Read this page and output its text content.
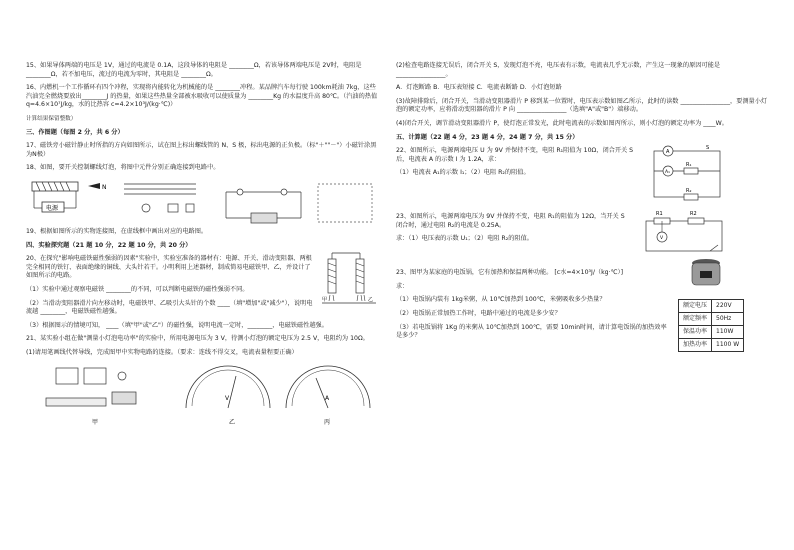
15、如果导体两端的电压是 1V，通过的电流是 0.1A，这段导体的电阻是 ________Ω，若该导体两端电压是 2V时，电阻是________Ω，若不加电压，流过的电流为零时，其电阻是 ________Ω。

16、内燃机一个工作循环有四个冲程，实现将内能转化为机械能的是 ________冲程。某品牌汽车每行驶 100km耗油 7kg，这些汽油完全燃烧要放出________J 的热量，如果这些热量全部被水吸收可以使质量为 ________Kg 的水温度升高 80℃。（汽油的热值 q=4.6×10⁷J/kg，水的比热容 c=4.2×10³J/(kg·℃)）

计算结果保留整数）

三、作图题（每图 2 分，共 6 分）

17、磁铁旁小磁针静止时所指的方向如图所示，试在图上标出螺线管的 N、S 极，标出电源的正负极。（标"＋""－"）小磁针涂黑为N极）

18、如图，要开关控制螺线灯泡，将图中元件分别正确连接到电路中。

电源
N

19、根据如图所示的实物连接图，在虚线框中画出对应的电路图。

四、实验探究题（21 题 10 分，22 题 10 分，共 20 分）

20、在探究"影响电磁铁磁性强弱的因素"实验中，实验室准备的器材有：电源、开关、滑动变阻器、两根完全相同的铁钉、表面绝缘的铜线、大头针若干。小明利用上述器材，制成简易电磁铁甲、乙，并设计了如图所示的电路。

（1）实验中通过观察电磁铁 ________的不同，可以判断电磁铁的磁性强弱不同。

（2）当滑动变阻器滑片向左移动时，电磁铁甲、乙吸引大头针的个数 ____（填"增加"或"减少"），说明电流越 ________，电磁铁磁性越强。

甲	乙

（3）根据图示的情境可知， ____（填"甲"或"乙"）的磁性强，说明电流一定时，________，电磁铁磁性越强。

21、某实验小组在做"测量小灯泡电功率"的实验中，所用电源电压为 3 V，待测小灯泡的额定电压为 2.5 V，电阻约为 10Ω。

(1)请用笔画线代替导线，完成图甲中实物电路的连接。（要求：连线不得交叉，电流表量程要正确）

甲
V
乙
A
丙

(2)检查电路连接无误后，闭合开关 S，发现灯泡不亮，电压表有示数，电流表几乎无示数，产生这一现象的原因可能是 ________________。

A．灯泡断路 B．电压表短接 C．电流表断路 D．小灯泡短路

(3)故障排除后，闭合开关，当滑动变阻器滑片 P 移到某一位置时，电压表示数如图乙所示，此时的读数 ________________，要测量小灯泡的额定功率，应将滑动变阻器的滑片 P 向 ________________（选填"A"或"B"）端移动。

(4)闭合开关，调节滑动变阻器滑片 P，使灯泡正常发光，此时电流表的示数如图丙所示，则小灯泡的额定功率为 ____W。

五、计算题（22 题 4 分，23 题 4 分，24 题 7 分，共 15 分）

22、如图所示，电源两端电压 U 为 9V 并保持不变，电阻 R₁阻值为 10Ω，闭合开关 S 后，电流表 A 的示数 I 为 1.2A，求：

（1）电流表 A₁的示数 I₁；（2）电阻 R₂的阻值。

A
A₁
S
R₁
R₂

23、如图所示，电源两端电压为 9V 并保持不变，电阻 R₁的阻值为 12Ω，当开关 S 闭合时，通过电阻 R₂的电流是 0.25A。

求：（1）电压表的示数 U₁；（2）电阻 R₂的阻值。

R1	R2
V

23、图甲为某家庭的电饭锅，它有加热和保温两种功能。 [c水=4×10³J/（kg·℃）]

求：

（1）电饭锅内装有 1kg米粥，从 10℃加热到 100℃，米粥吸收多少热量？

（2）电饭锅正常加热工作时，电路中通过的电流是多少安？

（3）若电饭锅将 1Kg 的米粥从 10℃加热到 100℃，需要 10min时间，请计算电饭锅的加热效率是多少？

额定电压	220V
额定频率	50Hz
保温功率	110W
加热功率	1100 W
